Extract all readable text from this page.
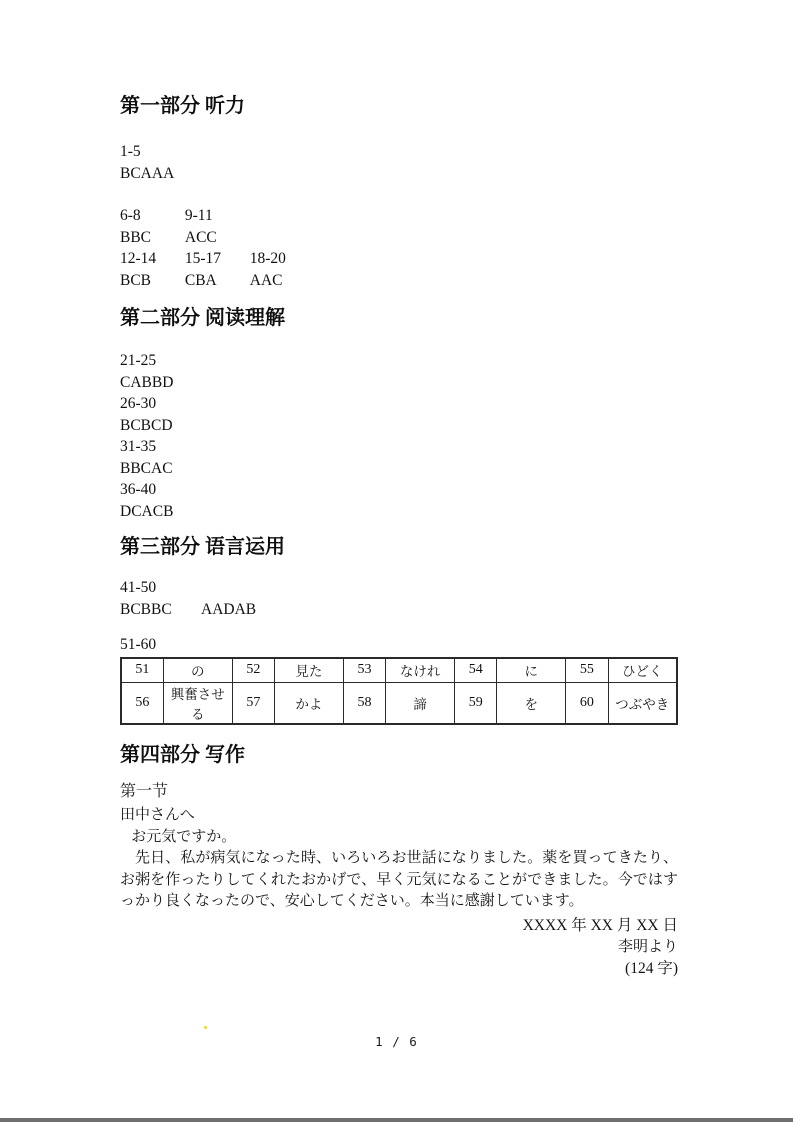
第一部分 听力
1-5
BCAAA
6-8	9-11
BBC ACC
12-14 15-17 18-20
BCB CBA AAC
第二部分 阅读理解
21-25
CABBD
26-30
BCBCD
31-35
BBCAC
36-40
DCACB
第三部分 语言运用
41-50
BCBBC AADAB
51-60
51	の	52	見た	53	なけれ	54	に	55	ひどく
56	興奮させる	57	かよ	58	諦	59	を	60	つぶやき
第四部分 写作
第一节
田中さんへ
お元気ですか。

先日、私が病気になった時、いろいろお世話になりました。薬を買ってきたり、お粥を作ったりしてくれたおかげで、早く元気になることができました。今ではすっかり良くなったので、安心してください。本当に感謝しています。

XXXX 年 XX 月 XX 日
李明より
(124 字)
1 / 6
